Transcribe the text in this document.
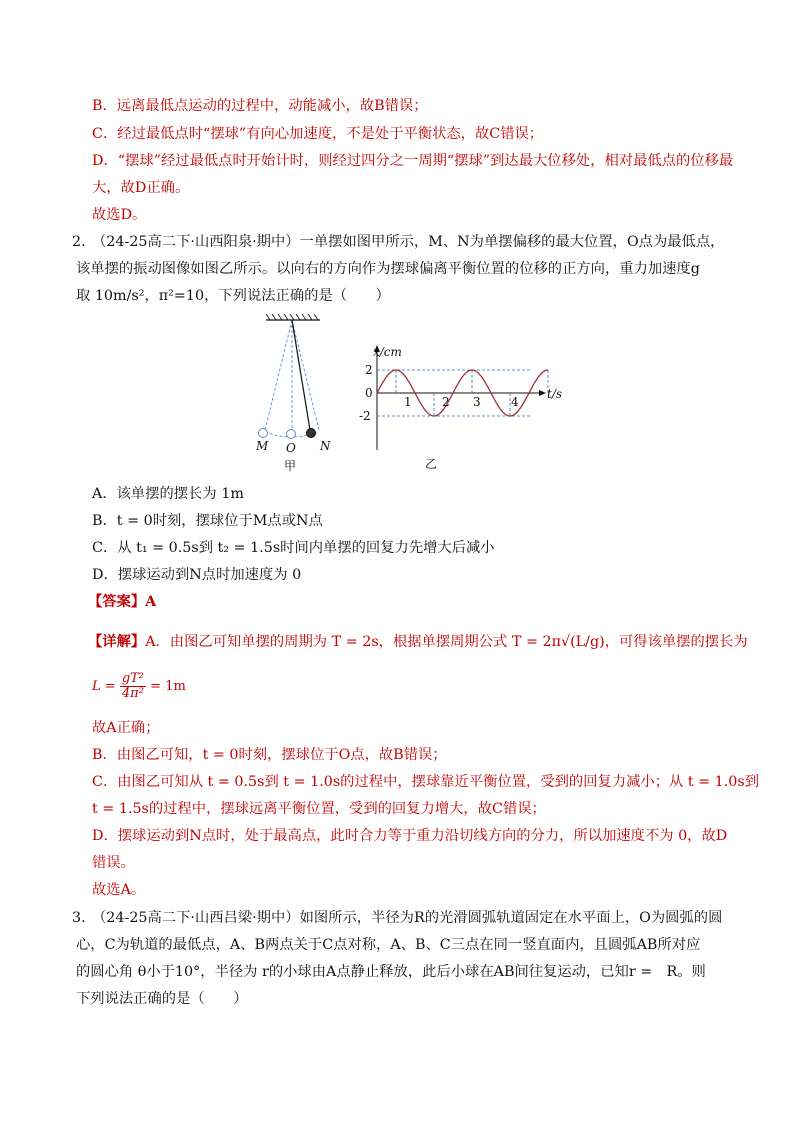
B．远离最低点运动的过程中，动能减小，故B错误；
C．经过最低点时“摆球”有向心加速度，不是处于平衡状态，故C错误；
D．“摆球”经过最低点时开始计时，则经过四分之一周期“摆球”到达最大位移处，相对最低点的位移最
大，故D正确。
故选D。
2．
（24-25高二下·山西阳泉·期中）一单摆如图甲所示，M、N为单摆偏移的最大位置，O点为最低点，
该单摆的振动图像如图乙所示。以向右的方向作为摆球偏离平衡位置的位移的正方向，重力加速度g
取 10m/s²，π²=10，下列说法正确的是（　　）
M O N
甲
x/cm
t/s
2
0
-2
1	2 3	4
乙
A．该单摆的摆长为 1m
B．t = 0时刻，摆球位于M点或N点
C．从 t₁ = 0.5s到 t₂ = 1.5s时间内单摆的回复力先增大后减小
D．摆球运动到N点时加速度为 0
【答案】A
【详解】A．由图乙可知单摆的周期为 T = 2s，根据单摆周期公式 T = 2π√(L/g)，可得该单摆的摆长为
$L = \frac{\text{gT²}}{\text{4π²}} = 1m$
故A正确；
B．由图乙可知，t = 0时刻，摆球位于O点，故B错误；
C．由图乙可知从 t = 0.5s到 t = 1.0s的过程中，摆球靠近平衡位置，受到的回复力减小；从 t = 1.0s到
t = 1.5s的过程中，摆球远离平衡位置，受到的回复力增大，故C错误；
D．摆球运动到N点时，处于最高点，此时合力等于重力沿切线方向的分力，所以加速度不为 0，故D
错误。
故选A。
3．
（24-25高二下·山西吕梁·期中）如图所示，半径为R的光滑圆弧轨道固定在水平面上，O为圆弧的圆
心，C为轨道的最低点，A、B两点关于C点对称，A、B、C三点在同一竖直面内，且圆弧AB所对应
的圆心角 θ小于10°，半径为 r的小球由A点静止释放，此后小球在AB间往复运动，已知r =　R。则
下列说法正确的是（　　）
